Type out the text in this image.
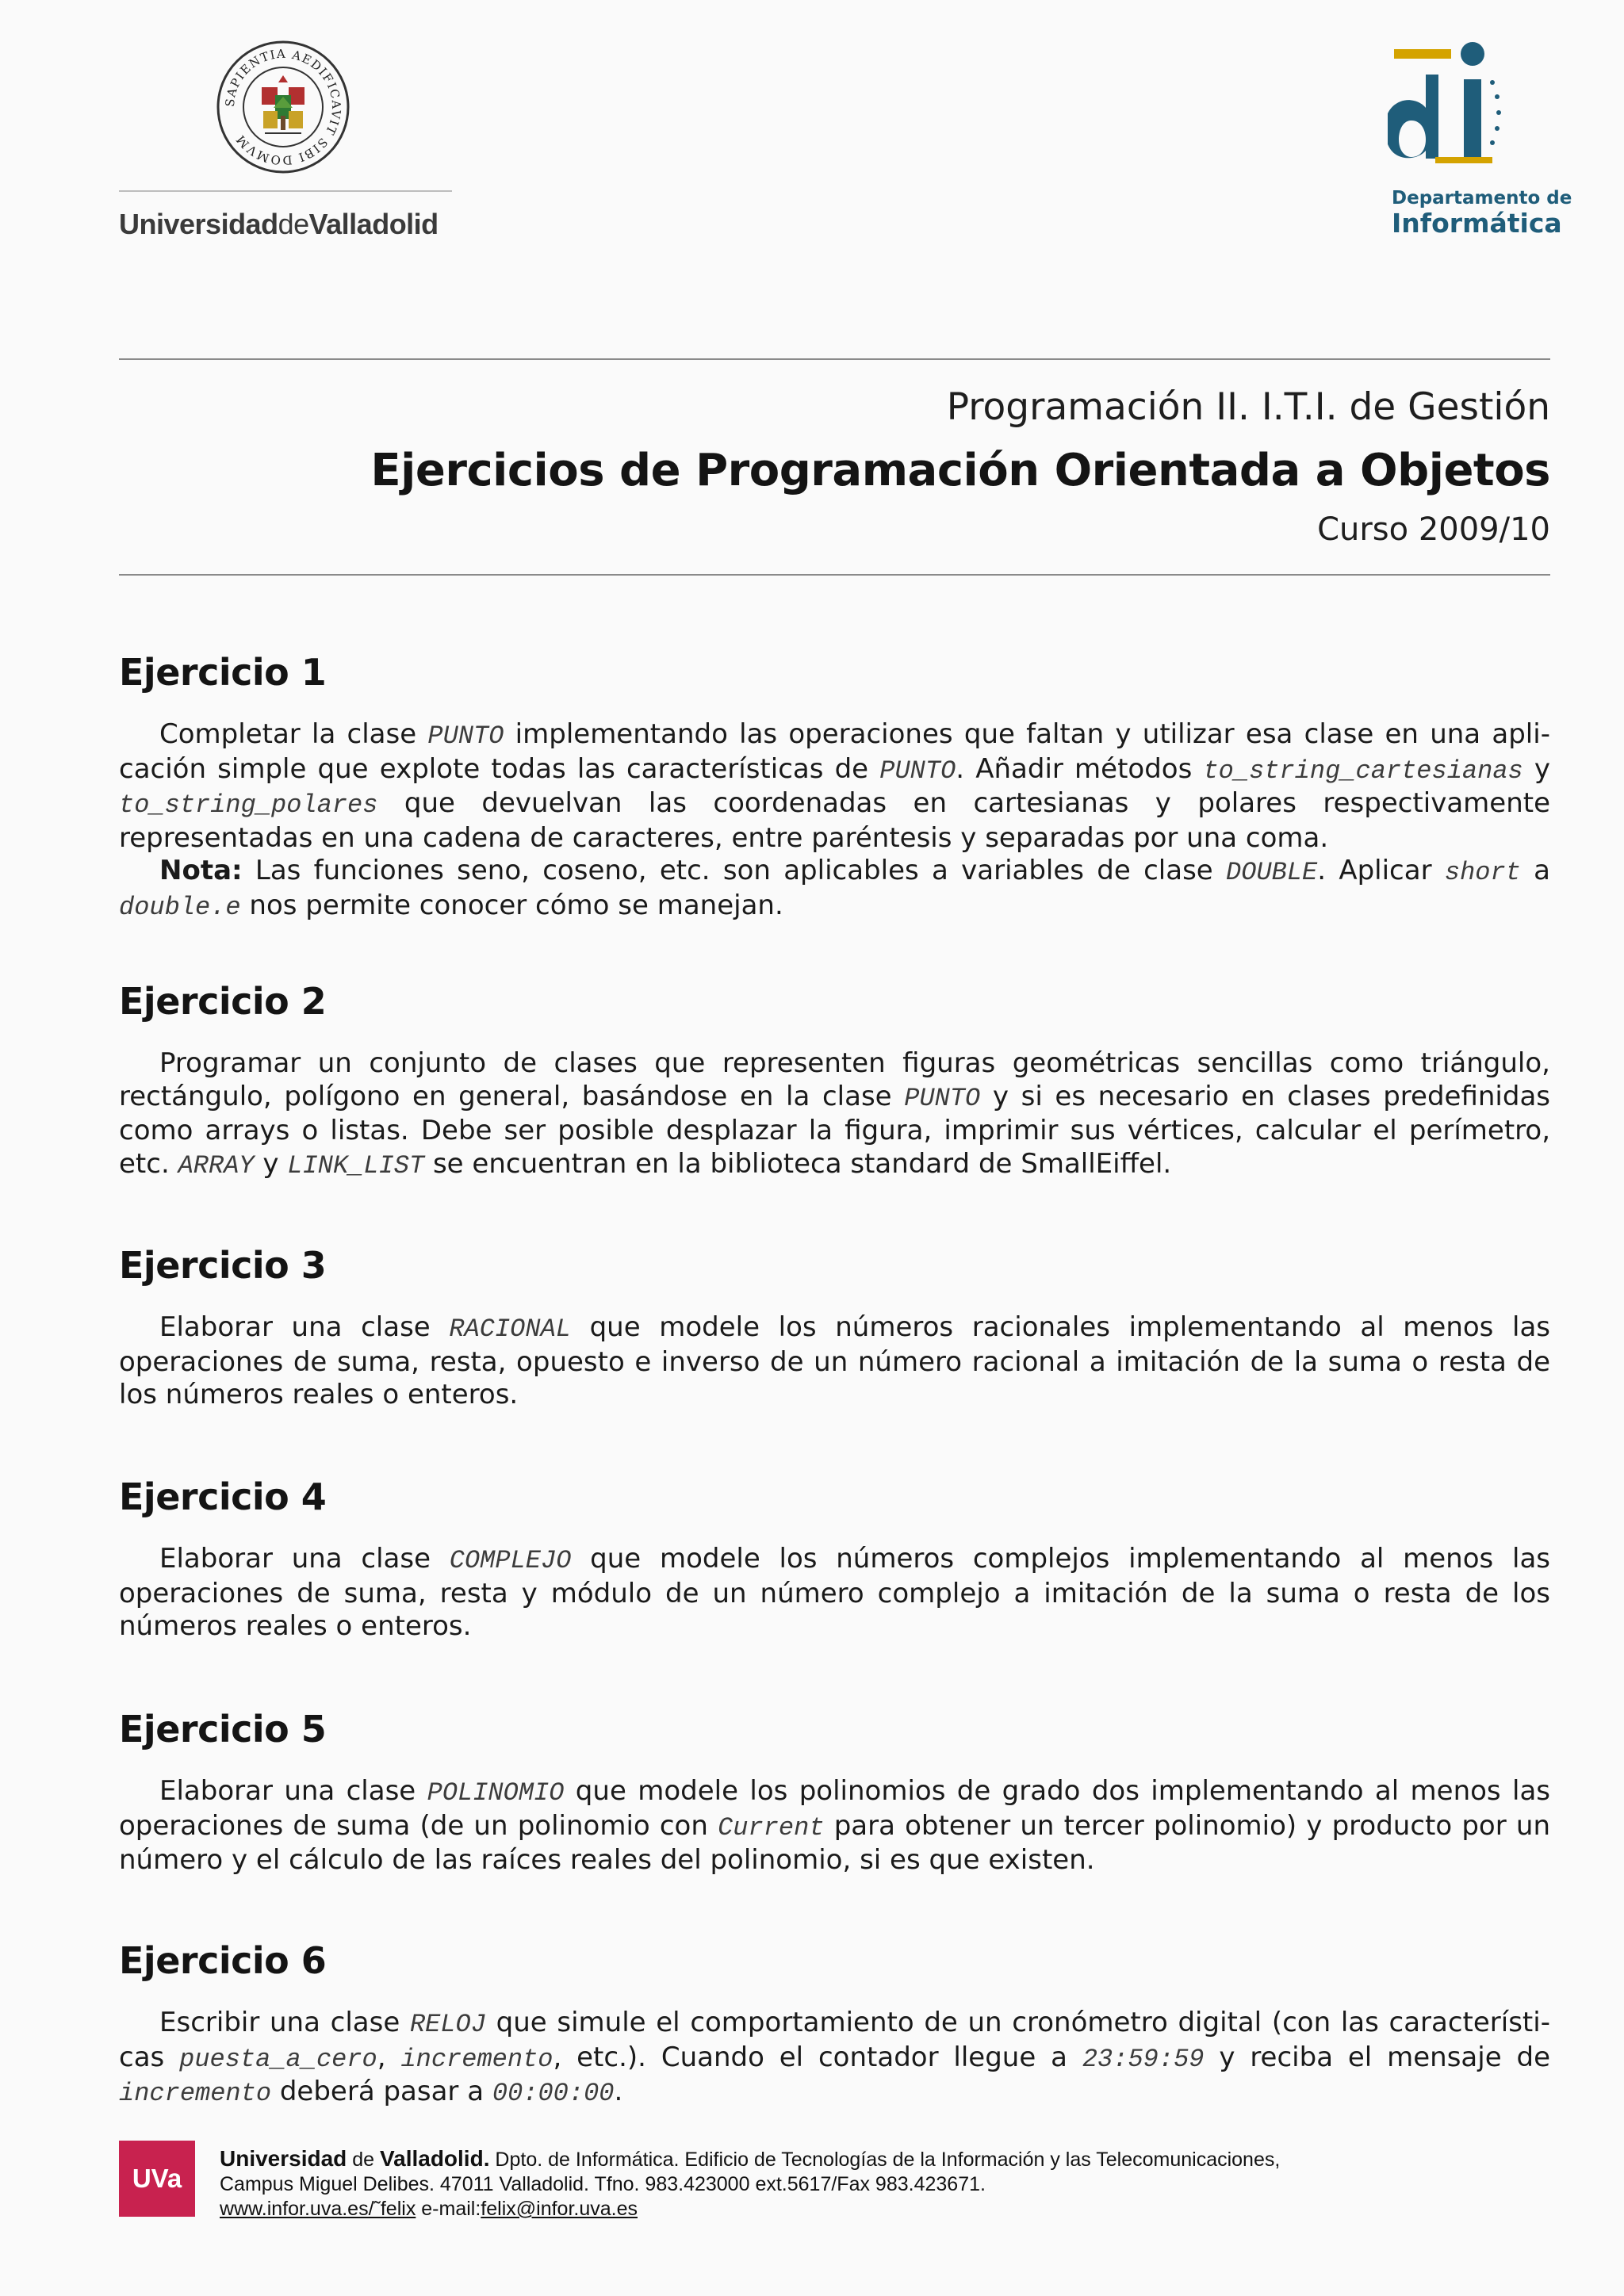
SAPIENTIA AEDIFICAVIT SIBI DOMVM
UniversidaddeValladolid
Departamento de
Informática
Programación II. I.T.I. de Gestión
Ejercicios de Programación Orientada a Objetos
Curso 2009/10
Ejercicio 1

Completar la clase PUNTO implementando las operaciones que faltan y utilizar esa clase en una aplicación simple que explote todas las características de PUNTO. Añadir métodos to_string_cartesianas y to_string_polares que devuelvan las coordenadas en cartesianas y polares respectivamente representadas en una cadena de caracteres, entre paréntesis y separadas por una coma.

Nota: Las funciones seno, coseno, etc. son aplicables a variables de clase DOUBLE. Aplicar short a double.e nos permite conocer cómo se manejan.

Ejercicio 2

Programar un conjunto de clases que representen figuras geométricas sencillas como triángulo, rectángulo, polígono en general, basándose en la clase PUNTO y si es necesario en clases predefinidas como arrays o listas. Debe ser posible desplazar la figura, imprimir sus vértices, calcular el perímetro, etc. ARRAY y LINK_LIST se encuentran en la biblioteca standard de SmallEiffel.

Ejercicio 3

Elaborar una clase RACIONAL que modele los números racionales implementando al menos las operaciones de suma, resta, opuesto e inverso de un número racional a imitación de la suma o resta de los números reales o enteros.

Ejercicio 4

Elaborar una clase COMPLEJO que modele los números complejos implementando al menos las operaciones de suma, resta y módulo de un número complejo a imitación de la suma o resta de los números reales o enteros.

Ejercicio 5

Elaborar una clase POLINOMIO que modele los polinomios de grado dos implementando al menos las operaciones de suma (de un polinomio con Current para obtener un tercer polinomio) y producto por un número y el cálculo de las raíces reales del polinomio, si es que existen.

Ejercicio 6

Escribir una clase RELOJ que simule el comportamiento de un cronómetro digital (con las características puesta_a_cero, incremento, etc.). Cuando el contador llegue a 23:59:59 y reciba el mensaje de incremento deberá pasar a 00:00:00.

UVa
Universidad de Valladolid. Dpto. de Informática. Edificio de Tecnologías de la Información y las Telecomunicaciones,
Campus Miguel Delibes. 47011 Valladolid. Tfno. 983.423000 ext.5617/Fax 983.423671.
www.infor.uva.es/˜felix e-mail:felix@infor.uva.es
